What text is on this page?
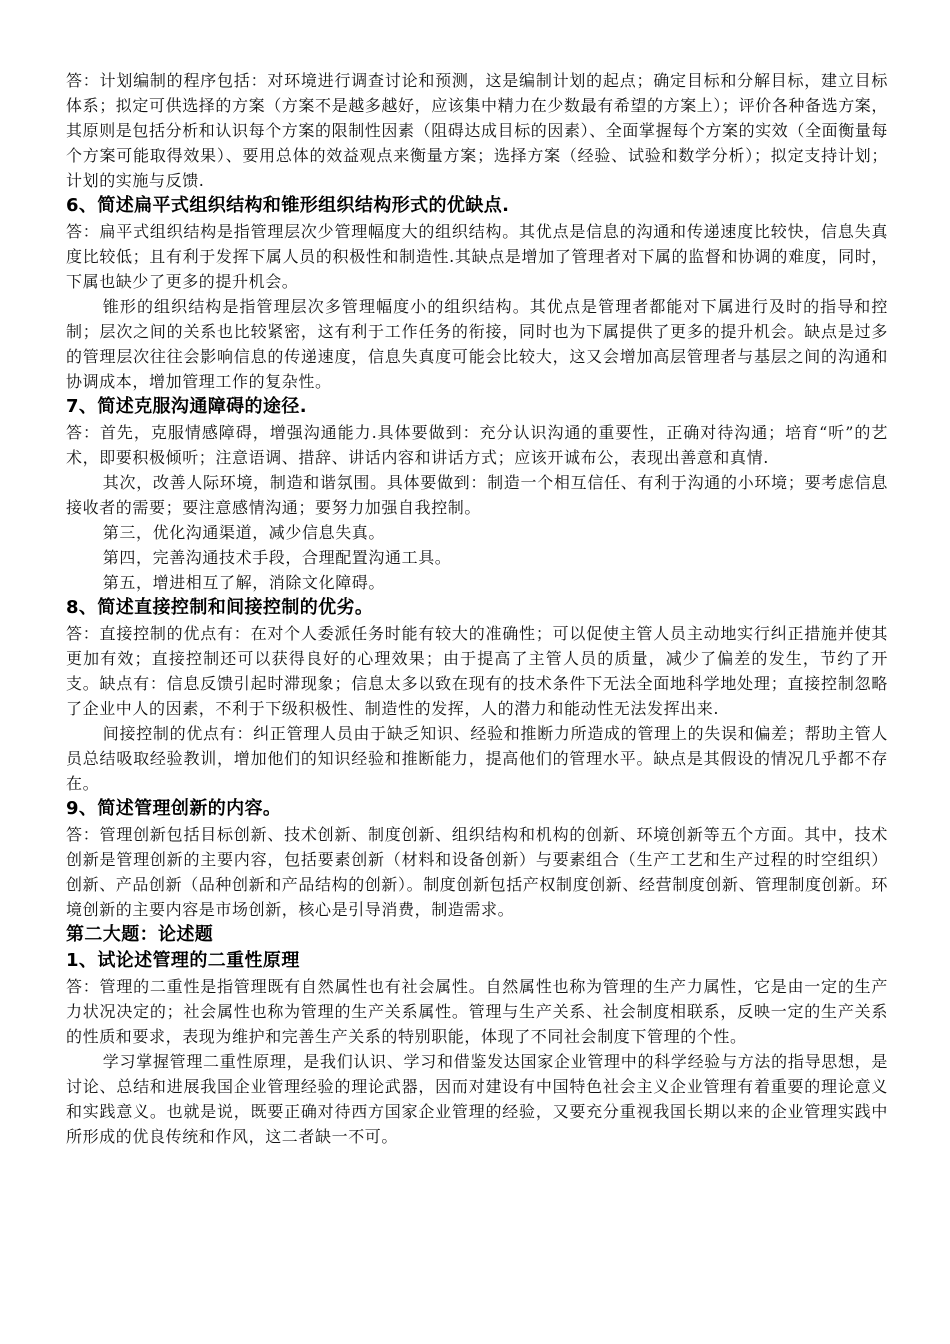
答：计划编制的程序包括：对环境进行调查讨论和预测，这是编制计划的起点；确定目标和分解目标，建立目标体系；拟定可供选择的方案（方案不是越多越好，应该集中精力在少数最有希望的方案上）；评价各种备选方案，其原则是包括分析和认识每个方案的限制性因素（阻碍达成目标的因素）、全面掌握每个方案的实效（全面衡量每个方案可能取得效果）、要用总体的效益观点来衡量方案；选择方案（经验、试验和数学分析）；拟定支持计划；计划的实施与反馈.

6、简述扁平式组织结构和锥形组织结构形式的优缺点.

答：扁平式组织结构是指管理层次少管理幅度大的组织结构。其优点是信息的沟通和传递速度比较快，信息失真度比较低；且有利于发挥下属人员的积极性和制造性.其缺点是增加了管理者对下属的监督和协调的难度，同时，下属也缺少了更多的提升机会。

锥形的组织结构是指管理层次多管理幅度小的组织结构。其优点是管理者都能对下属进行及时的指导和控制；层次之间的关系也比较紧密，这有利于工作任务的衔接，同时也为下属提供了更多的提升机会。缺点是过多的管理层次往往会影响信息的传递速度，信息失真度可能会比较大，这又会增加高层管理者与基层之间的沟通和协调成本，增加管理工作的复杂性。

7、简述克服沟通障碍的途径.

答：首先，克服情感障碍，增强沟通能力.具体要做到：充分认识沟通的重要性，正确对待沟通；培育“听”的艺术，即要积极倾听；注意语调、措辞、讲话内容和讲话方式；应该开诚布公，表现出善意和真情.

其次，改善人际环境，制造和谐氛围。具体要做到：制造一个相互信任、有利于沟通的小环境；要考虑信息接收者的需要；要注意感情沟通；要努力加强自我控制。

第三，优化沟通渠道，减少信息失真。

第四，完善沟通技术手段，合理配置沟通工具。

第五，增进相互了解，消除文化障碍。

8、简述直接控制和间接控制的优劣。

答：直接控制的优点有：在对个人委派任务时能有较大的准确性；可以促使主管人员主动地实行纠正措施并使其更加有效；直接控制还可以获得良好的心理效果；由于提高了主管人员的质量，减少了偏差的发生，节约了开支。缺点有：信息反馈引起时滞现象；信息太多以致在现有的技术条件下无法全面地科学地处理；直接控制忽略了企业中人的因素，不利于下级积极性、制造性的发挥，人的潜力和能动性无法发挥出来.

间接控制的优点有：纠正管理人员由于缺乏知识、经验和推断力所造成的管理上的失误和偏差；帮助主管人员总结吸取经验教训，增加他们的知识经验和推断能力，提高他们的管理水平。缺点是其假设的情况几乎都不存在。

9、简述管理创新的内容。

答：管理创新包括目标创新、技术创新、制度创新、组织结构和机构的创新、环境创新等五个方面。其中，技术创新是管理创新的主要内容，包括要素创新（材料和设备创新）与要素组合（生产工艺和生产过程的时空组织）创新、产品创新（品种创新和产品结构的创新）。制度创新包括产权制度创新、经营制度创新、管理制度创新。环境创新的主要内容是市场创新，核心是引导消费，制造需求。

第二大题：论述题
1、试论述管理的二重性原理

答：管理的二重性是指管理既有自然属性也有社会属性。自然属性也称为管理的生产力属性，它是由一定的生产力状况决定的；社会属性也称为管理的生产关系属性。管理与生产关系、社会制度相联系，反映一定的生产关系的性质和要求，表现为维护和完善生产关系的特别职能，体现了不同社会制度下管理的个性。

学习掌握管理二重性原理，是我们认识、学习和借鉴发达国家企业管理中的科学经验与方法的指导思想，是讨论、总结和进展我国企业管理经验的理论武器，因而对建设有中国特色社会主义企业管理有着重要的理论意义和实践意义。也就是说，既要正确对待西方国家企业管理的经验，又要充分重视我国长期以来的企业管理实践中所形成的优良传统和作风，这二者缺一不可。
